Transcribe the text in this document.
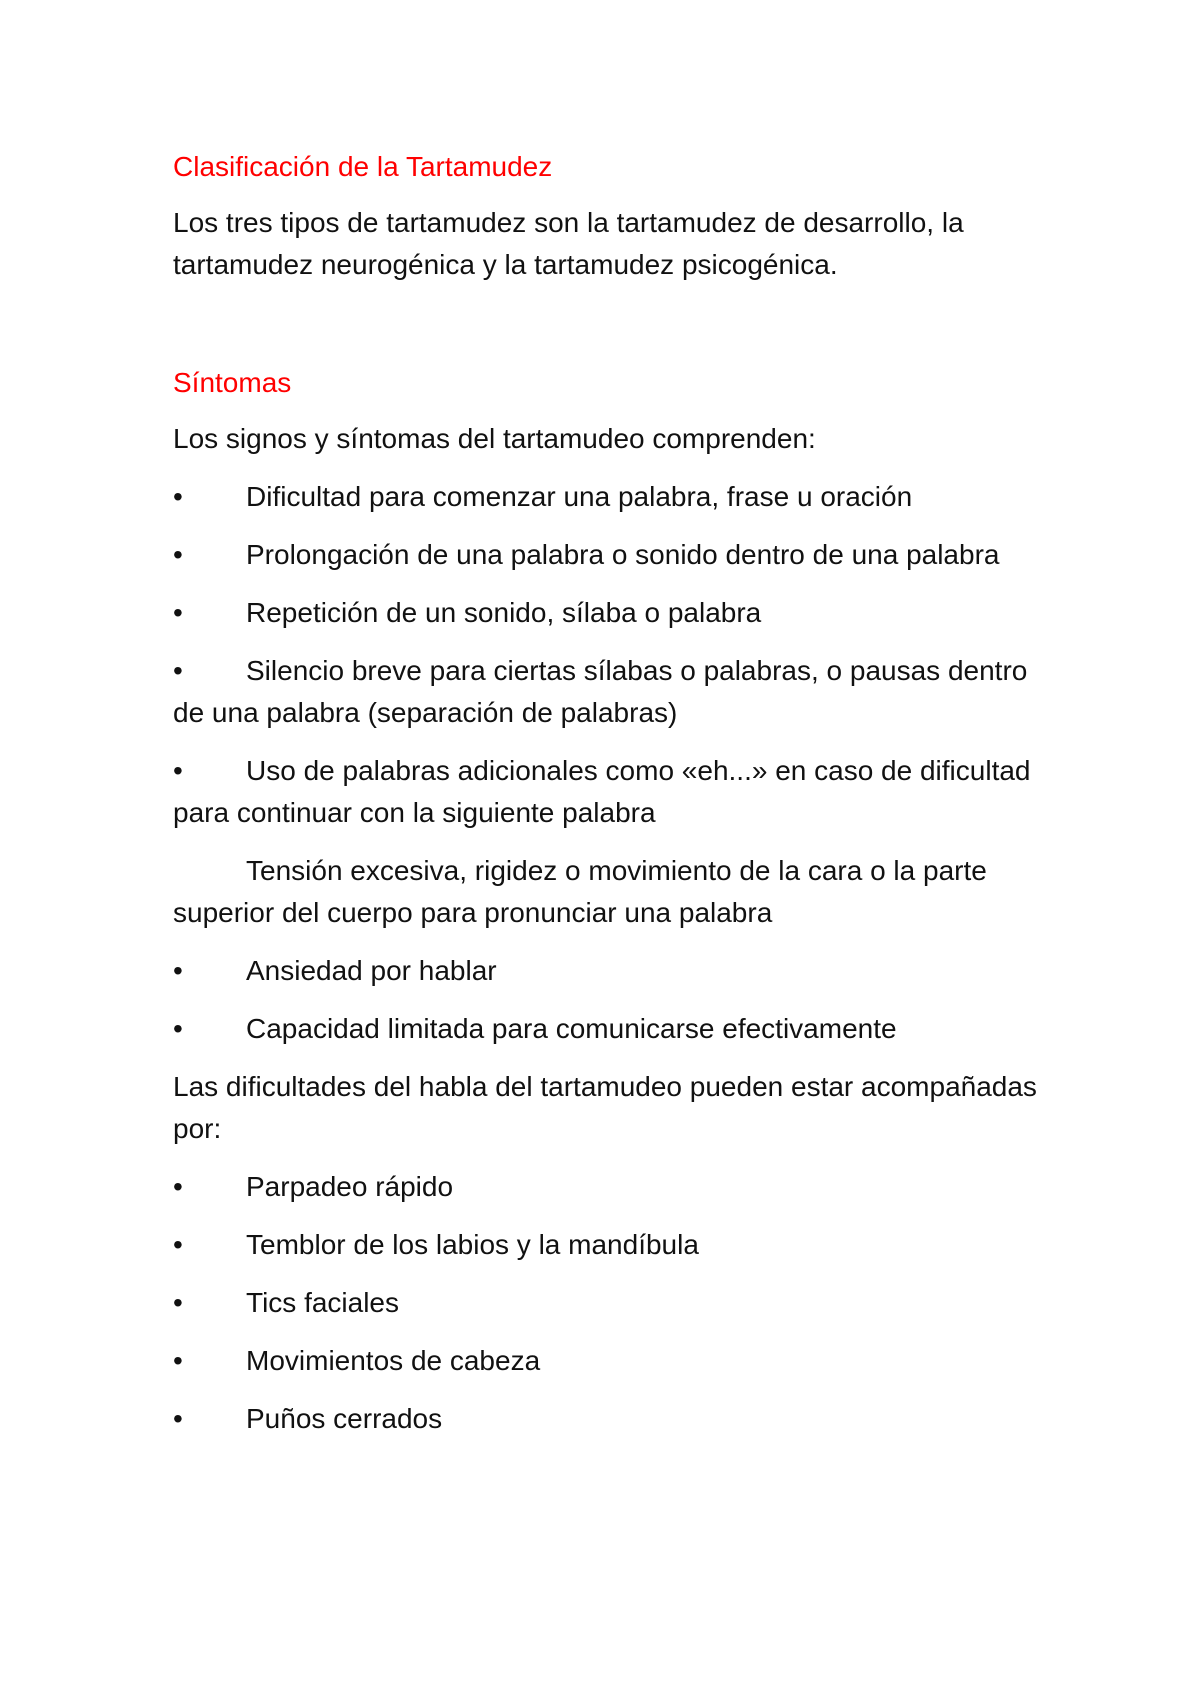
Clasificación de la Tartamudez

Los tres tipos de tartamudez son la tartamudez de desarrollo, la tartamudez neurogénica y la tartamudez psicogénica.

Síntomas

Los signos y síntomas del tartamudeo comprenden:

• Dificultad para comenzar una palabra, frase u oración

• Prolongación de una palabra o sonido dentro de una palabra

• Repetición de un sonido, sílaba o palabra

• Silencio breve para ciertas sílabas o palabras, o pausas dentro de una palabra (separación de palabras)

• Uso de palabras adicionales como «eh...» en caso de dificultad para continuar con la siguiente palabra

Tensión excesiva, rigidez o movimiento de la cara o la parte superior del cuerpo para pronunciar una palabra

• Ansiedad por hablar

• Capacidad limitada para comunicarse efectivamente

Las dificultades del habla del tartamudeo pueden estar acompañadas por:

• Parpadeo rápido

• Temblor de los labios y la mandíbula

• Tics faciales

• Movimientos de cabeza

• Puños cerrados
